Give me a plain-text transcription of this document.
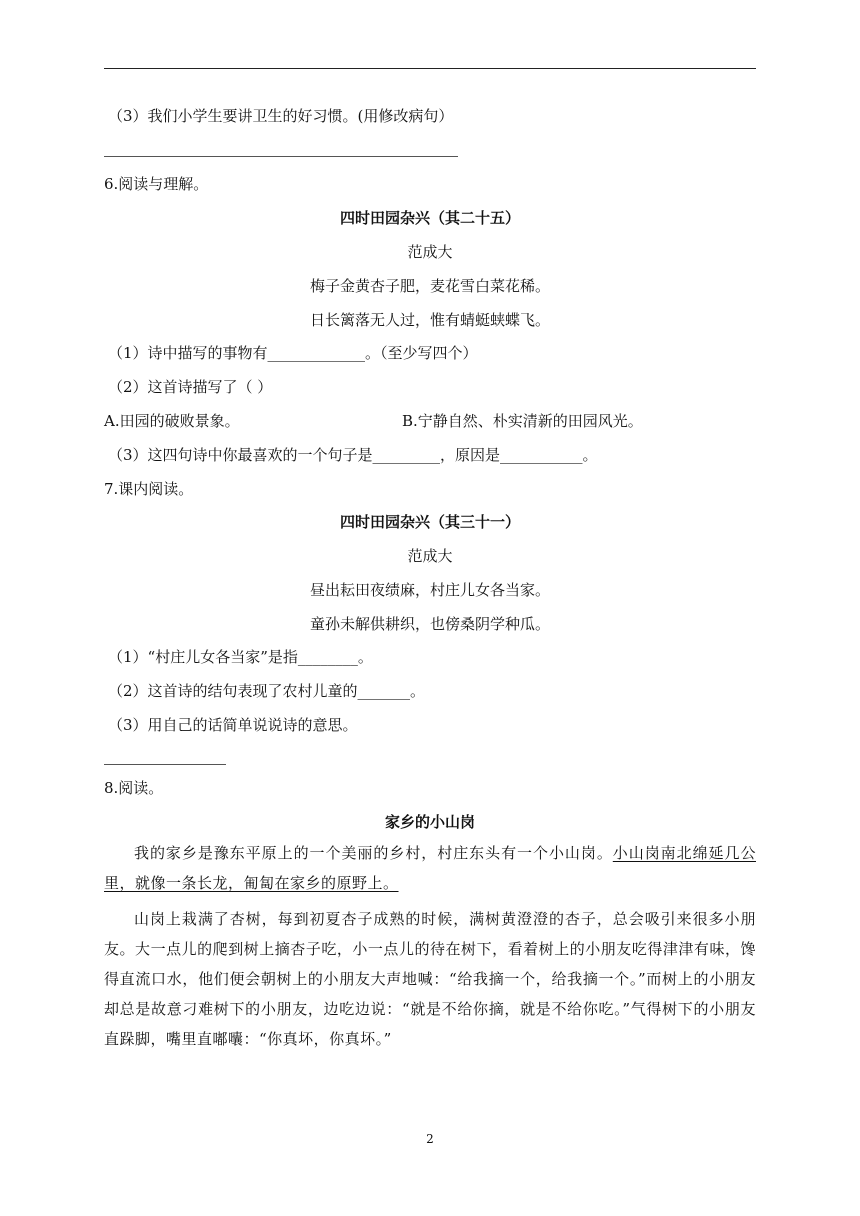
（3）我们小学生要讲卫生的好习惯。(用修改病句）
6.阅读与理解。
四时田园杂兴（其二十五）
范成大
梅子金黄杏子肥，麦花雪白菜花稀。
日长篱落无人过，惟有蜻蜓蛱蝶飞。
（1）诗中描写的事物有_____________。（至少写四个）
（2）这首诗描写了（ ）
A.田园的破败景象。	B.宁静自然、朴实清新的田园风光。
（3）这四句诗中你最喜欢的一个句子是_________，原因是___________。
7.课内阅读。
四时田园杂兴（其三十一）
范成大
昼出耘田夜绩麻，村庄儿女各当家。
童孙未解供耕织，也傍桑阴学种瓜。
（1）“村庄儿女各当家”是指________。
（2）这首诗的结句表现了农村儿童的_______。
（3）用自己的话简单说说诗的意思。
8.阅读。
家乡的小山岗
我的家乡是豫东平原上的一个美丽的乡村，村庄东头有一个小山岗。小山岗南北绵延几公里，就像一条长龙，匍匐在家乡的原野上。
山岗上栽满了杏树，每到初夏杏子成熟的时候，满树黄澄澄的杏子，总会吸引来很多小朋友。大一点儿的爬到树上摘杏子吃，小一点儿的待在树下，看着树上的小朋友吃得津津有味，馋得直流口水，他们便会朝树上的小朋友大声地喊：“给我摘一个，给我摘一个。”而树上的小朋友却总是故意刁难树下的小朋友，边吃边说：“就是不给你摘，就是不给你吃。”气得树下的小朋友直跺脚，嘴里直嘟囔：“你真坏，你真坏。”
2
